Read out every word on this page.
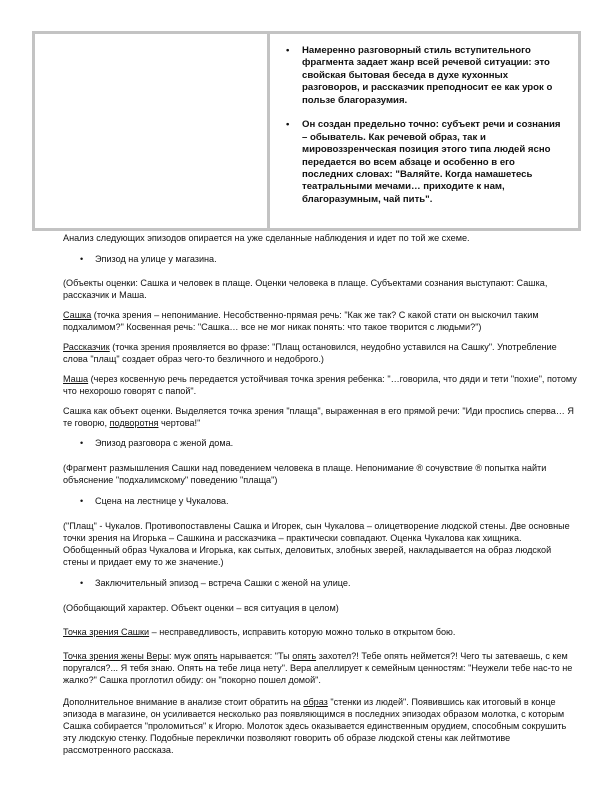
• Намеренно разговорный стиль вступительного фрагмента задает жанр всей речевой ситуации: это свойская бытовая беседа в духе кухонных разговоров, и рассказчик преподносит ее как урок о пользе благоразумия.
• Он создан предельно точно: субъект речи и сознания – обыватель. Как речевой образ, так и мировоззренческая позиция этого типа людей ясно передается во всем абзаце и особенно в его последних словах: "Валяйте. Когда намашетесь театральными мечами… приходите к нам, благоразумным, чай пить".
Анализ следующих эпизодов опирается на уже сделанные наблюдения и идет по той же схеме.
• Эпизод на улице у магазина.
(Объекты оценки: Сашка и человек в плаще. Оценки человека в плаще. Субъектами сознания выступают: Сашка, рассказчик и Маша.
Сашка (точка зрения – непонимание. Несобственно-прямая речь: "Как же так? С какой стати он выскочил таким подхалимом?" Косвенная речь: "Сашка… все не мог никак понять: что такое творится с людьми?")
Рассказчик (точка зрения проявляется во фразе: "Плащ остановился, неудобно уставился на Сашку". Употребление слова "плащ" создает образ чего-то безличного и недоброго.)
Маша (через косвенную речь передается устойчивая точка зрения ребенка: "…говорила, что дяди и тети "похие", потому что нехорошо говорят с папой".
Сашка как объект оценки. Выделяется точка зрения "плаща", выраженная в его прямой речи: "Иди проспись сперва… Я те говорю, подворотня чертова!"
• Эпизод разговора с женой дома.
(Фрагмент размышления Сашки над поведением человека в плаще. Непонимание ® сочувствие ® попытка найти объяснение "подхалимскому" поведению "плаща")
• Сцена на лестнице у Чукалова.
("Плащ" - Чукалов. Противопоставлены Сашка и Игорек, сын Чукалова – олицетворение людской стены. Две основные точки зрения на Игорька – Сашкина и рассказчика – практически совпадают. Оценка Чукалова как хищника. Обобщенный образ Чукалова и Игорька, как сытых, деловитых, злобных зверей, накладывается на образ людской стены и придает ему то же значение.)
• Заключительный эпизод – встреча Сашки с женой на улице.
(Обобщающий характер. Объект оценки – вся ситуация в целом)
Точка зрения Сашки – несправедливость, исправить которую можно только в открытом бою.
Точка зрения жены Веры: муж опять нарывается: "Ты опять захотел?! Тебе опять неймется?! Чего ты затеваешь, с кем поругался?... Я тебя знаю. Опять на тебе лица нету". Вера апеллирует к семейным ценностям: "Неужели тебе нас-то не жалко?" Сашка проглотил обиду: он "покорно пошел домой".
Дополнительное внимание в анализе стоит обратить на образ "стенки из людей". Появившись как итоговый в конце эпизода в магазине, он усиливается несколько раз появляющимся в последних эпизодах образом молотка, с которым Сашка собирается "проломиться" к Игорю. Молоток здесь оказывается единственным орудием, способным сокрушить эту людскую стенку. Подобные переклички позволяют говорить об образе людской стены как лейтмотиве рассмотренного рассказа.
